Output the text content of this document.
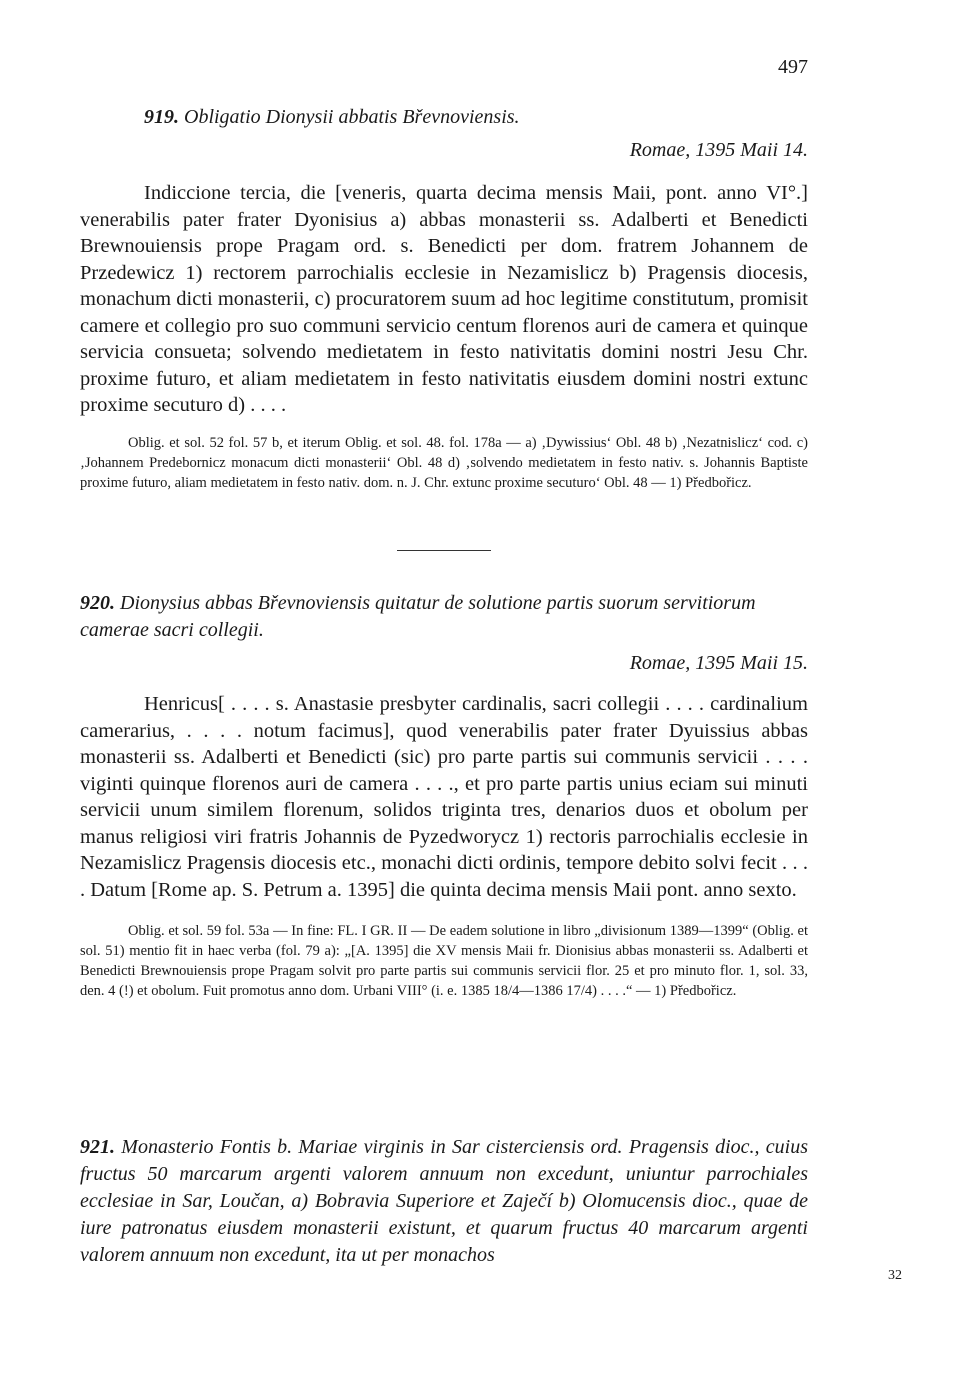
497
919. Obligatio Dionysii abbatis Břevnoviensis.
Romae, 1395 Maii 14.

Indiccione tercia, die [veneris, quarta decima mensis Maii, pont. anno VI°.] venerabilis pater frater Dyonisius a) abbas monasterii ss. Adalberti et Benedicti Brewnouiensis prope Pragam ord. s. Benedicti per dom. fratrem Johannem de Przedewicz 1) rectorem parrochialis ecclesie in Nezamislicz b) Pragensis diocesis, monachum dicti monasterii, c) procuratorem suum ad hoc legitime constitutum, promisit camere et collegio pro suo communi servicio centum florenos auri de camera et quinque servicia consueta; solvendo medietatem in festo nativitatis domini nostri Jesu Chr. proxime futuro, et aliam medietatem in festo nativitatis eiusdem domini nostri extunc proxime secuturo d) . . . .

Oblig. et sol. 52 fol. 57 b, et iterum Oblig. et sol. 48. fol. 178a — a) ‚Dywissius‘ Obl. 48 b) ‚Nezatnislicz‘ cod. c) ‚Johannem Predebornicz monacum dicti monasterii‘ Obl. 48 d) ‚solvendo medietatem in festo nativ. s. Johannis Baptiste proxime futuro, aliam medietatem in festo nativ. dom. n. J. Chr. extunc proxime secuturo‘ Obl. 48 — 1) Předbořicz.

920. Dionysius abbas Břevnoviensis quitatur de solutione partis suorum servitiorum camerae sacri collegii.
Romae, 1395 Maii 15.

Henricus[ . . . . s. Anastasie presbyter cardinalis, sacri collegii . . . . cardinalium camerarius, . . . . notum facimus], quod venerabilis pater frater Dyuissius abbas monasterii ss. Adalberti et Benedicti (sic) pro parte partis sui communis servicii . . . . viginti quinque florenos auri de camera . . . ., et pro parte partis unius eciam sui minuti servicii unum similem florenum, solidos triginta tres, denarios duos et obolum per manus religiosi viri fratris Johannis de Pyzedworycz 1) rectoris parrochialis ecclesie in Nezamislicz Pragensis diocesis etc., monachi dicti ordinis, tempore debito solvi fecit . . . . Datum [Rome ap. S. Petrum a. 1395] die quinta decima mensis Maii pont. anno sexto.

Oblig. et sol. 59 fol. 53a — In fine: FL. I GR. II — De eadem solutione in libro „divisionum 1389—1399“ (Oblig. et sol. 51) mentio fit in haec verba (fol. 79 a): „[A. 1395] die XV mensis Maii fr. Dionisius abbas monasterii ss. Adalberti et Benedicti Brewnouiensis prope Pragam solvit pro parte partis sui communis servicii flor. 25 et pro minuto flor. 1, sol. 33, den. 4 (!) et obolum. Fuit promotus anno dom. Urbani VIII° (i. e. 1385 18/4—1386 17/4) . . . .“ — 1) Předbořicz.

921. Monasterio Fontis b. Mariae virginis in Sar cisterciensis ord. Pragensis dioc., cuius fructus 50 marcarum argenti valorem annuum non excedunt, uniuntur parrochiales ecclesiae in Sar, Loučan, a) Bobravia Superiore et Zaječí b) Olomucensis dioc., quae de iure patronatus eiusdem monasterii existunt, et quarum fructus 40 marcarum argenti valorem annuum non excedunt, ita ut per monachos
32
